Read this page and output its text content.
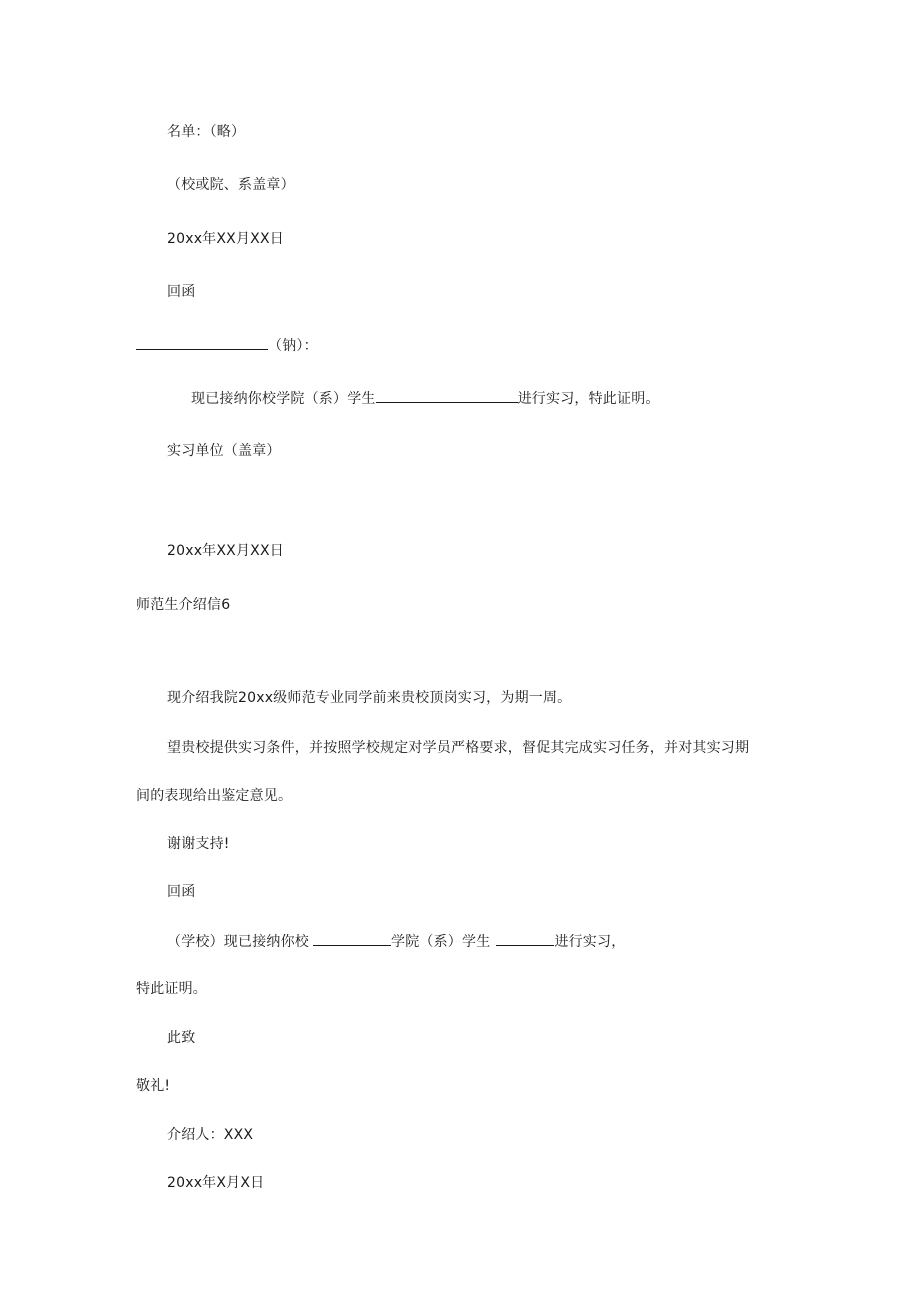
名单：（略）
（校或院、系盖章）
20xx年XX月XX日
回函
（钠）：
现已接纳你校学院（系）学生	进行实习，特此证明。
实习单位（盖章）
20xx年XX月XX日
师范生介绍信6
现介绍我院20xx级师范专业同学前来贵校顶岗实习，为期一周。
望贵校提供实习条件，并按照学校规定对学员严格要求，督促其完成实习任务，并对其实习期
间的表现给出鉴定意见。
谢谢支持!
回函
（学校）现已接纳你校	学院（系）学生	进行实习，
特此证明。
此致
敬礼!
介绍人：XXX
20xx年X月X日
